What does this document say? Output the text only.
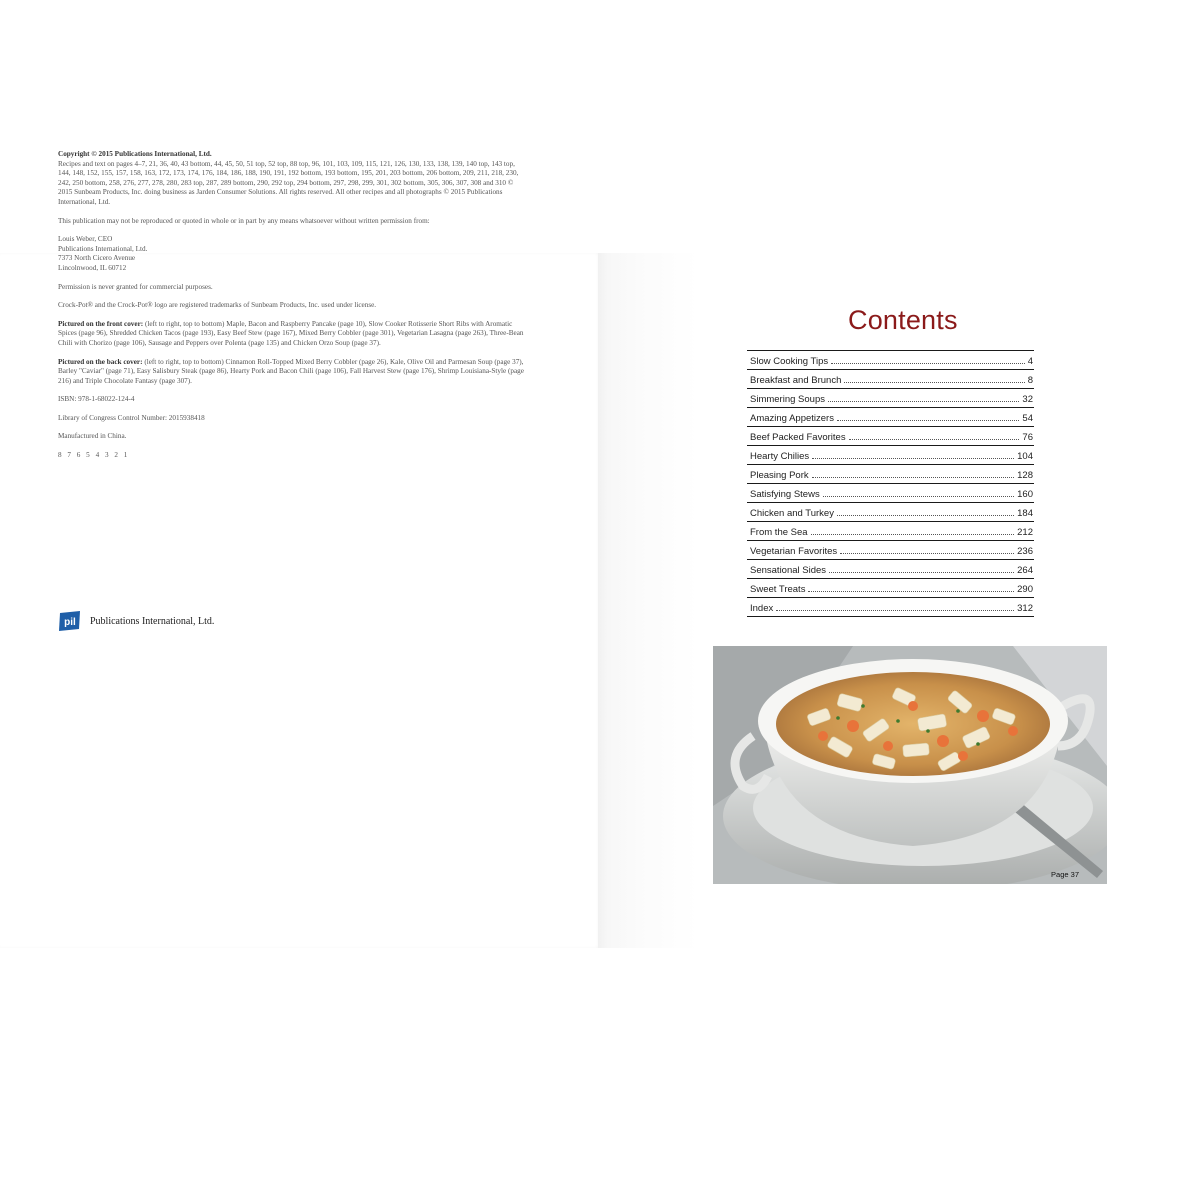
Copyright © 2015 Publications International, Ltd.
Recipes and text on pages 4–7, 21, 36, 40, 43 bottom, 44, 45, 50, 51 top, 52 top, 88 top, 96, 101, 103, 109, 115, 121, 126, 130, 133, 138, 139, 140 top, 143 top, 144, 148, 152, 155, 157, 158, 163, 172, 173, 174, 176, 184, 186, 188, 190, 191, 192 bottom, 193 bottom, 195, 201, 203 bottom, 206 bottom, 209, 211, 218, 230, 242, 250 bottom, 258, 276, 277, 278, 280, 283 top, 287, 289 bottom, 290, 292 top, 294 bottom, 297, 298, 299, 301, 302 bottom, 305, 306, 307, 308 and 310 © 2015 Sunbeam Products, Inc. doing business as Jarden Consumer Solutions. All rights reserved. All other recipes and all photographs © 2015 Publications International, Ltd.

This publication may not be reproduced or quoted in whole or in part by any means whatsoever without written permission from:

Louis Weber, CEO
Publications International, Ltd.
7373 North Cicero Avenue
Lincolnwood, IL 60712

Permission is never granted for commercial purposes.

Crock-Pot® and the Crock-Pot® logo are registered trademarks of Sunbeam Products, Inc. used under license.

Pictured on the front cover: (left to right, top to bottom) Maple, Bacon and Raspberry Pancake (page 10), Slow Cooker Rotisserie Short Ribs with Aromatic Spices (page 96), Shredded Chicken Tacos (page 193), Easy Beef Stew (page 167), Mixed Berry Cobbler (page 301), Vegetarian Lasagna (page 263), Three-Bean Chili with Chorizo (page 106), Sausage and Peppers over Polenta (page 135) and Chicken Orzo Soup (page 37).

Pictured on the back cover: (left to right, top to bottom) Cinnamon Roll-Topped Mixed Berry Cobbler (page 26), Kale, Olive Oil and Parmesan Soup (page 37), Barley "Caviar" (page 71), Easy Salisbury Steak (page 86), Hearty Pork and Bacon Chili (page 106), Fall Harvest Stew (page 176), Shrimp Louisiana-Style (page 216) and Triple Chocolate Fantasy (page 307).

ISBN: 978-1-68022-124-4

Library of Congress Control Number: 2015938418

Manufactured in China.

8 7 6 5 4 3 2 1

pil Publications International, Ltd.
Contents
Slow Cooking Tips	4
Breakfast and Brunch	8
Simmering Soups	32
Amazing Appetizers	54
Beef Packed Favorites	76
Hearty Chilies	104
Pleasing Pork	128
Satisfying Stews	160
Chicken and Turkey	184
From the Sea	212
Vegetarian Favorites	236
Sensational Sides	264
Sweet Treats	290
Index	312
Page 37
